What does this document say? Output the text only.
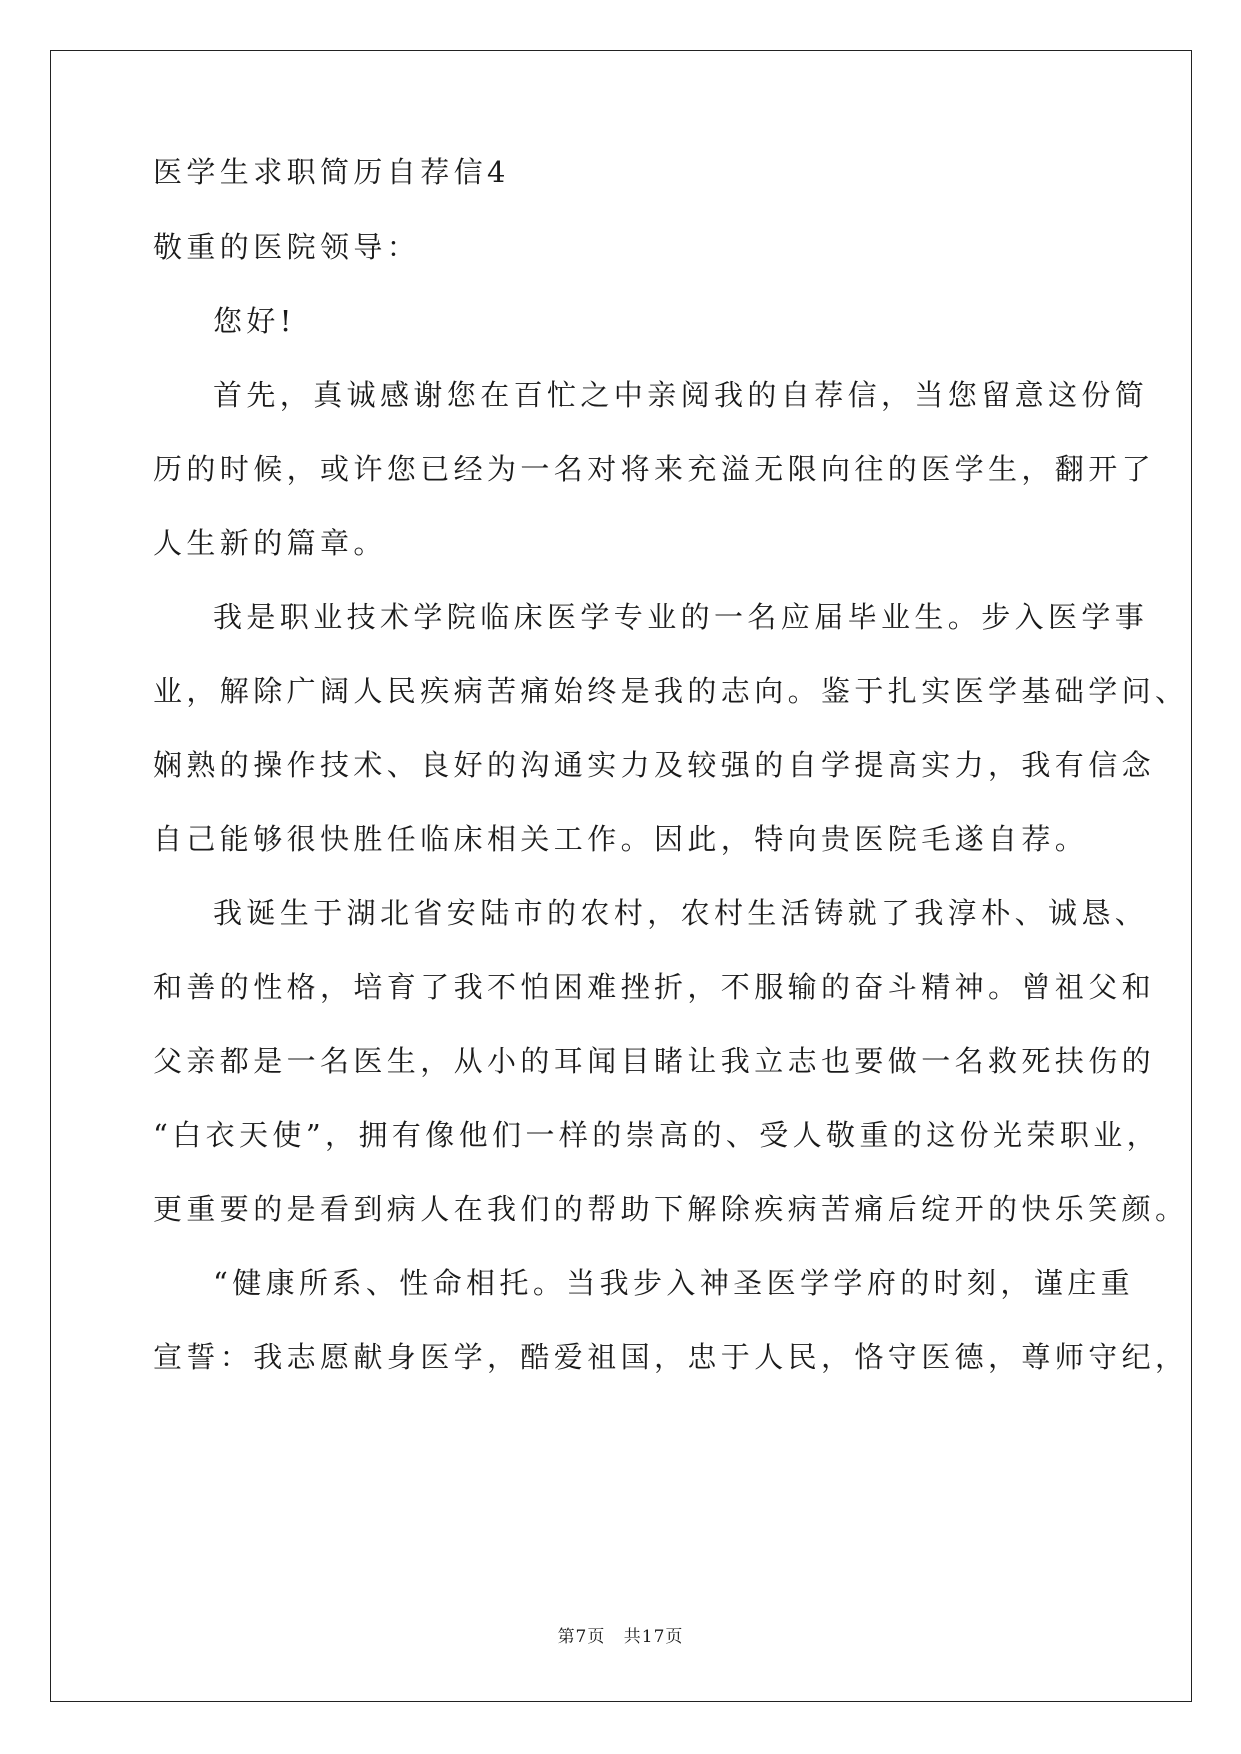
医学生求职简历自荐信4
敬重的医院领导：
您好!
首先，真诚感谢您在百忙之中亲阅我的自荐信，当您留意这份简
历的时候，或许您已经为一名对将来充溢无限向往的医学生，翻开了
人生新的篇章。
我是职业技术学院临床医学专业的一名应届毕业生。步入医学事
业，解除广阔人民疾病苦痛始终是我的志向。鉴于扎实医学基础学问、
娴熟的操作技术、良好的沟通实力及较强的自学提高实力，我有信念
自己能够很快胜任临床相关工作。因此，特向贵医院毛遂自荐。
我诞生于湖北省安陆市的农村，农村生活铸就了我淳朴、诚恳、
和善的性格，培育了我不怕困难挫折，不服输的奋斗精神。曾祖父和
父亲都是一名医生，从小的耳闻目睹让我立志也要做一名救死扶伤的
“白衣天使”，拥有像他们一样的崇高的、受人敬重的这份光荣职业，
更重要的是看到病人在我们的帮助下解除疾病苦痛后绽开的快乐笑颜。
“健康所系、性命相托。当我步入神圣医学学府的时刻，谨庄重
宣誓：我志愿献身医学，酷爱祖国，忠于人民，恪守医德，尊师守纪，
第7页 共17页
